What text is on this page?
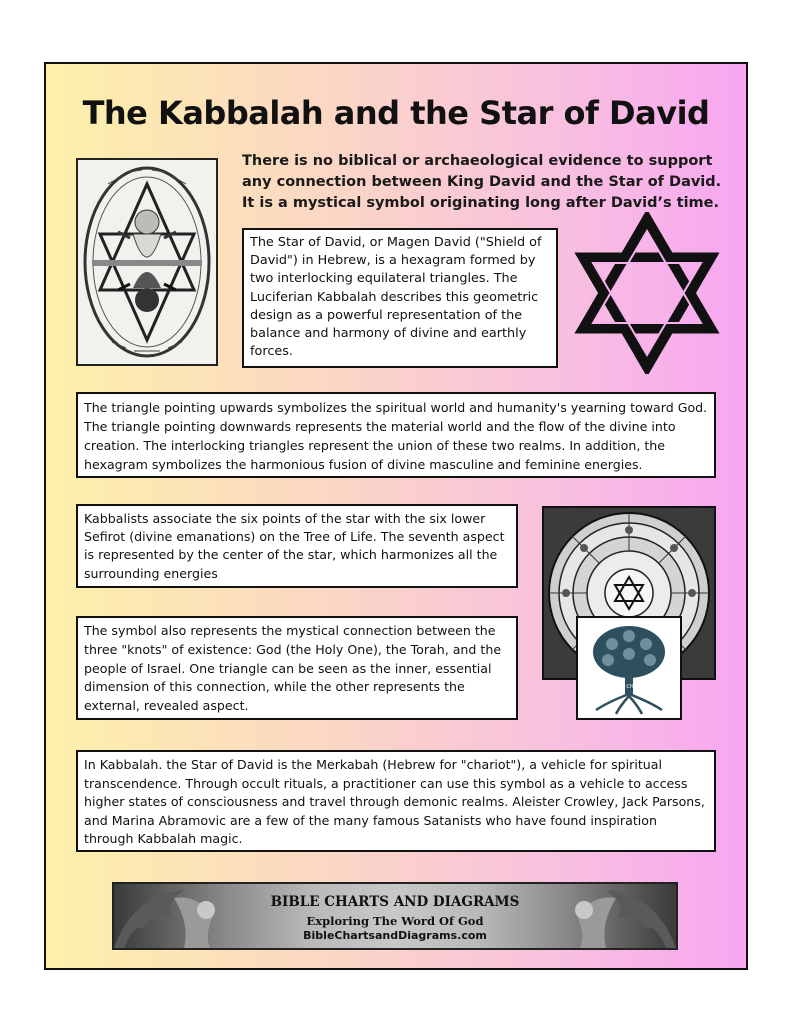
The Kabbalah and the Star of David
There is no biblical or archaeological evidence to support any connection between King David and the Star of David. It is a mystical symbol originating long after David’s time.
The Star of David, or Magen David ("Shield of David") in Hebrew, is a hexagram formed by two interlocking equilateral triangles. The Luciferian Kabbalah describes this geometric design as a powerful representation of the balance and harmony of divine and earthly forces.
The triangle pointing upwards symbolizes the spiritual world and humanity's yearning toward God. The triangle pointing downwards represents the material world and the flow of the divine into creation. The interlocking triangles represent the union of these two realms. In addition, the hexagram symbolizes the harmonious fusion of divine masculine and feminine energies.
Kabbalists associate the six points of the star with the six lower Sefirot (divine emanations) on the Tree of Life. The seventh aspect is represented by the center of the star, which harmonizes all the surrounding energies
The symbol also represents the mystical connection between the three "knots" of existence: God (the Holy One), the Torah, and the people of Israel. One triangle can be seen as the inner, essential dimension of this connection, while the other represents the external, revealed aspect.
ETZ CHAIM
In Kabbalah. the Star of David is the Merkabah (Hebrew for "chariot"), a vehicle for spiritual transcendence. Through occult rituals, a practitioner can use this symbol as a vehicle to access higher states of consciousness and travel through demonic realms. Aleister Crowley, Jack Parsons, and Marina Abramovic are a few of the many famous Satanists who have found inspiration through Kabbalah magic.
BIBLE CHARTS AND DIAGRAMS
Exploring The Word Of God
BibleChartsandDiagrams.com
